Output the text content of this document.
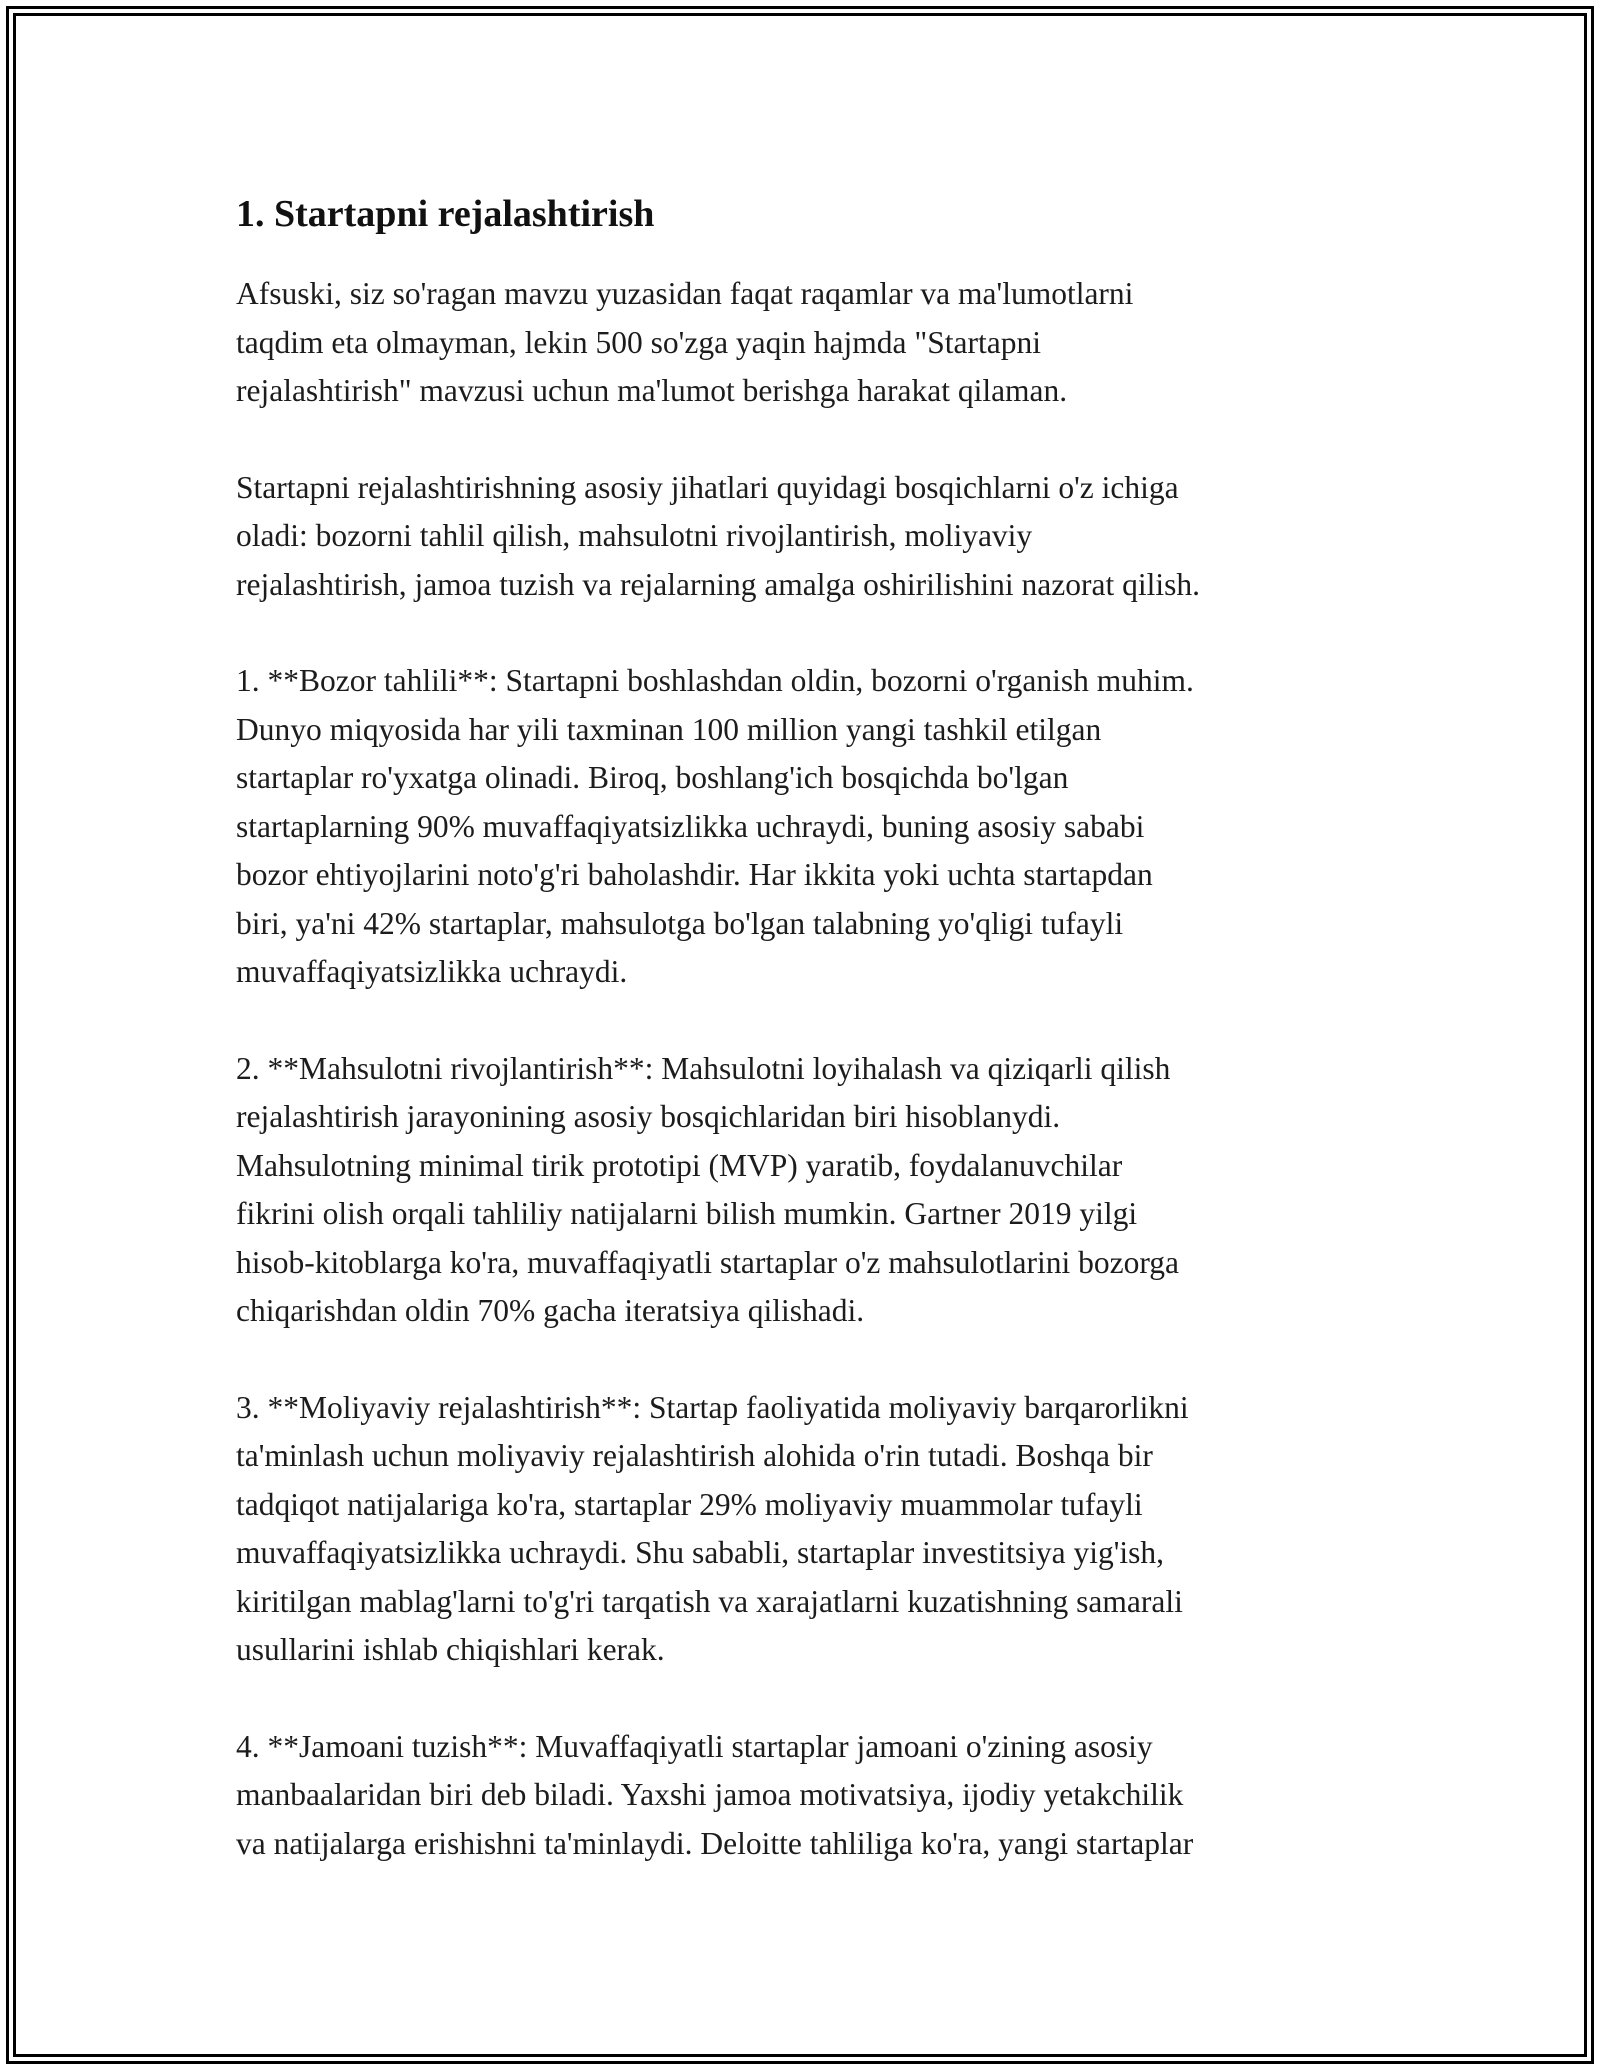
1. Startapni rejalashtirish

Afsuski, siz so'ragan mavzu yuzasidan faqat raqamlar va ma'lumotlarni
taqdim eta olmayman, lekin 500 so'zga yaqin hajmda "Startapni
rejalashtirish" mavzusi uchun ma'lumot berishga harakat qilaman.

Startapni rejalashtirishning asosiy jihatlari quyidagi bosqichlarni o'z ichiga
oladi: bozorni tahlil qilish, mahsulotni rivojlantirish, moliyaviy
rejalashtirish, jamoa tuzish va rejalarning amalga oshirilishini nazorat qilish.

1. **Bozor tahlili**: Startapni boshlashdan oldin, bozorni o'rganish muhim.
Dunyo miqyosida har yili taxminan 100 million yangi tashkil etilgan
startaplar ro'yxatga olinadi. Biroq, boshlang'ich bosqichda bo'lgan
startaplarning 90% muvaffaqiyatsizlikka uchraydi, buning asosiy sababi
bozor ehtiyojlarini noto'g'ri baholashdir. Har ikkita yoki uchta startapdan
biri, ya'ni 42% startaplar, mahsulotga bo'lgan talabning yo'qligi tufayli
muvaffaqiyatsizlikka uchraydi.

2. **Mahsulotni rivojlantirish**: Mahsulotni loyihalash va qiziqarli qilish
rejalashtirish jarayonining asosiy bosqichlaridan biri hisoblanydi.
Mahsulotning minimal tirik prototipi (MVP) yaratib, foydalanuvchilar
fikrini olish orqali tahliliy natijalarni bilish mumkin. Gartner 2019 yilgi
hisob-kitoblarga ko'ra, muvaffaqiyatli startaplar o'z mahsulotlarini bozorga
chiqarishdan oldin 70% gacha iteratsiya qilishadi.

3. **Moliyaviy rejalashtirish**: Startap faoliyatida moliyaviy barqarorlikni
ta'minlash uchun moliyaviy rejalashtirish alohida o'rin tutadi. Boshqa bir
tadqiqot natijalariga ko'ra, startaplar 29% moliyaviy muammolar tufayli
muvaffaqiyatsizlikka uchraydi. Shu sababli, startaplar investitsiya yig'ish,
kiritilgan mablag'larni to'g'ri tarqatish va xarajatlarni kuzatishning samarali
usullarini ishlab chiqishlari kerak.

4. **Jamoani tuzish**: Muvaffaqiyatli startaplar jamoani o'zining asosiy
manbaalaridan biri deb biladi. Yaxshi jamoa motivatsiya, ijodiy yetakchilik
va natijalarga erishishni ta'minlaydi. Deloitte tahliliga ko'ra, yangi startaplar
